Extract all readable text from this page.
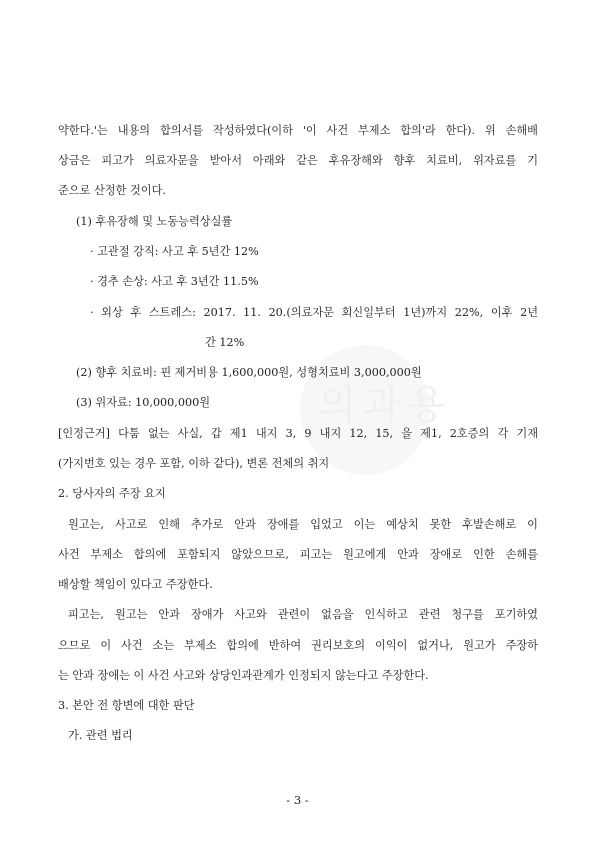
의과용
약한다.'는 내용의 합의서를 작성하였다(이하 '이 사건 부제소 합의'라 한다). 위 손해배
상금은 피고가 의료자문을 받아서 아래와 같은 후유장해와 향후 치료비, 위자료를 기
준으로 산정한 것이다.
(1) 후유장해 및 노동능력상실률
· 고관절 강직: 사고 후 5년간 12%
· 경추 손상: 사고 후 3년간 11.5%
· 외상 후 스트레스: 2017. 11. 20.(의료자문 회신일부터 1년)까지 22%, 이후 2년
간 12%
(2) 향후 치료비: 핀 제거비용 1,600,000원, 성형치료비 3,000,000원
(3) 위자료: 10,000,000원
[인정근거] 다툼 없는 사실, 갑 제1 내지 3, 9 내지 12, 15, 을 제1, 2호증의 각 기재
(가지번호 있는 경우 포함, 이하 같다), 변론 전체의 취지
2. 당사자의 주장 요지
원고는, 사고로 인해 추가로 안과 장애를 입었고 이는 예상치 못한 후발손해로 이
사건 부제소 합의에 포함되지 않았으므로, 피고는 원고에게 안과 장애로 인한 손해를
배상할 책임이 있다고 주장한다.
피고는, 원고는 안과 장애가 사고와 관련이 없음을 인식하고 관련 청구를 포기하였
으므로 이 사건 소는 부제소 합의에 반하여 권리보호의 이익이 없거나, 원고가 주장하
는 안과 장애는 이 사건 사고와 상당인과관계가 인정되지 않는다고 주장한다.
3. 본안 전 항변에 대한 판단
가. 관련 법리
- 3 -
